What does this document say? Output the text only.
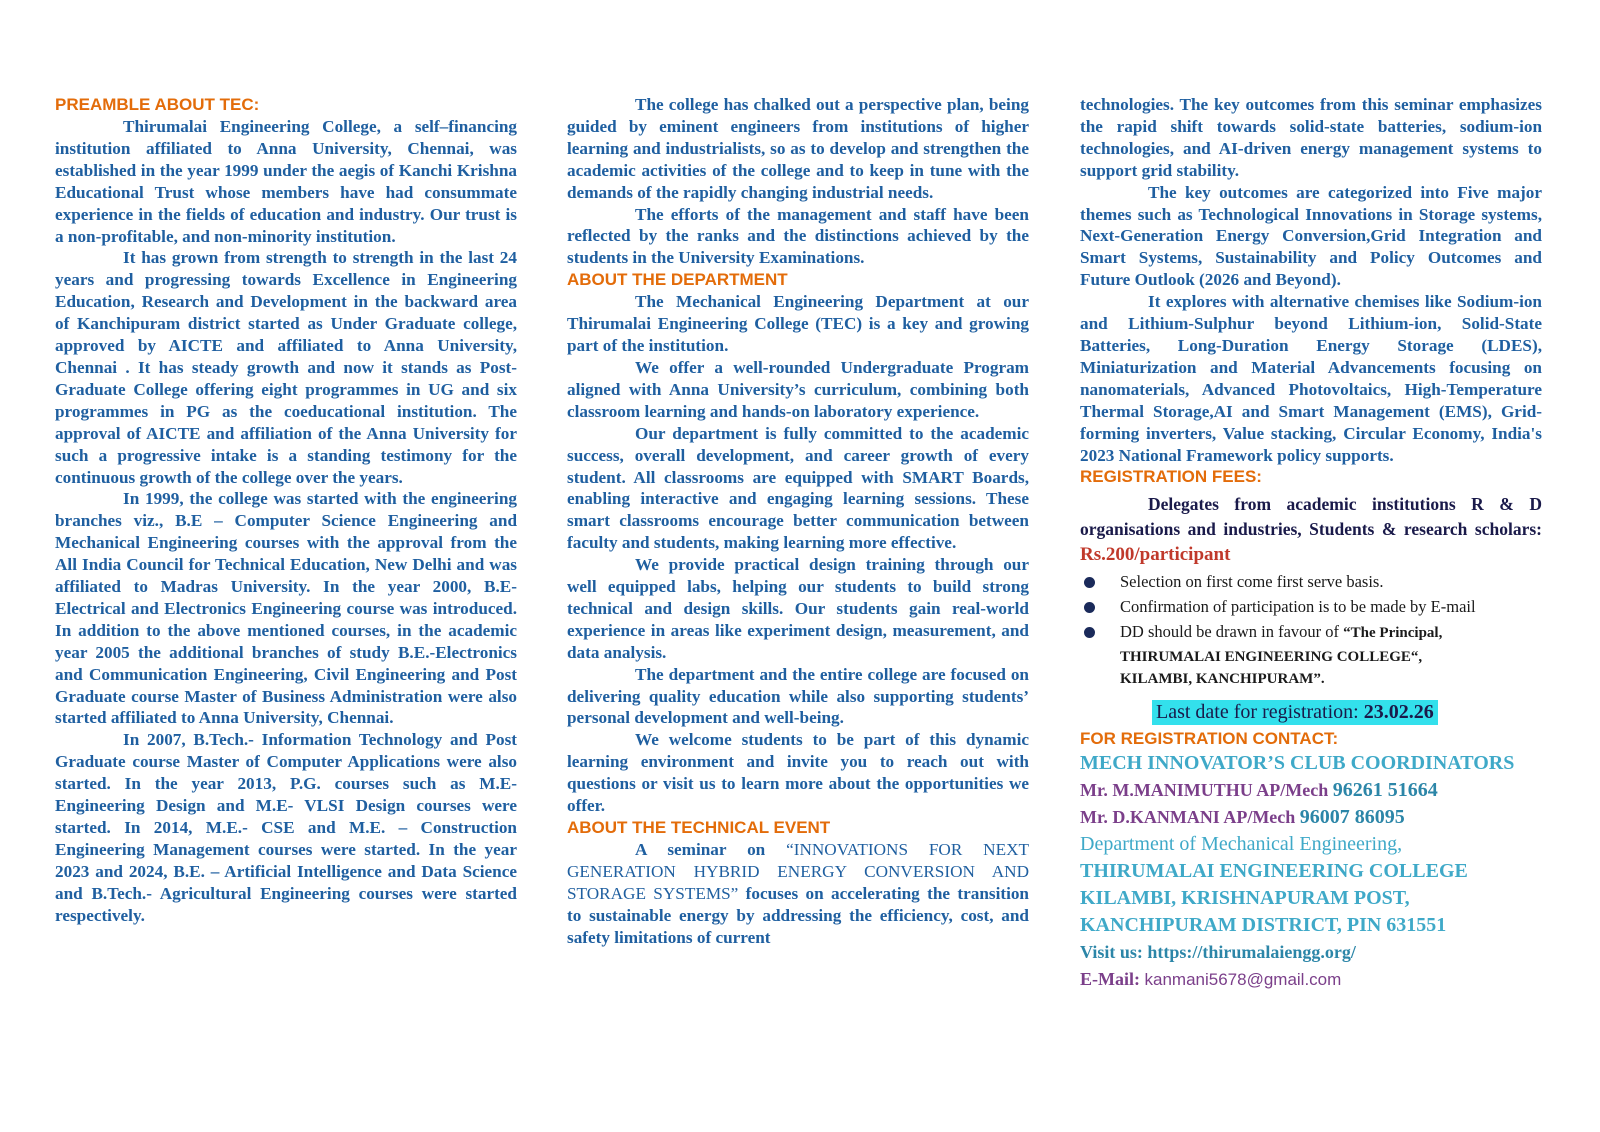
PREAMBLE ABOUT TEC:

Thirumalai Engineering College, a self–financing institution affiliated to Anna University, Chennai, was established in the year 1999 under the aegis of Kanchi Krishna Educational Trust whose members have had consummate experience in the fields of education and industry. Our trust is a non-profitable, and non-minority institution.

It has grown from strength to strength in the last 24 years and progressing towards Excellence in Engineering Education, Research and Development in the backward area of Kanchipuram district started as Under Graduate college, approved by AICTE and affiliated to Anna University, Chennai . It has steady growth and now it stands as Post-Graduate College offering eight programmes in UG and six programmes in PG as the coeducational institution. The approval of AICTE and affiliation of the Anna University for such a progressive intake is a standing testimony for the continuous growth of the college over the years.

In 1999, the college was started with the engineering branches viz., B.E – Computer Science Engineering and Mechanical Engineering courses with the approval from the All India Council for Technical Education, New Delhi and was affiliated to Madras University. In the year 2000, B.E- Electrical and Electronics Engineering course was introduced. In addition to the above mentioned courses, in the academic year 2005 the additional branches of study B.E.-Electronics and Communication Engineering, Civil Engineering and Post Graduate course Master of Business Administration were also started affiliated to Anna University, Chennai.

In 2007, B.Tech.- Information Technology and Post Graduate course Master of Computer Applications were also started. In the year 2013, P.G. courses such as M.E-Engineering Design and M.E- VLSI Design courses were started. In 2014, M.E.- CSE and M.E. – Construction Engineering Management courses were started. In the year 2023 and 2024, B.E. – Artificial Intelligence and Data Science and B.Tech.- Agricultural Engineering courses were started respectively.

The college has chalked out a perspective plan, being guided by eminent engineers from institutions of higher learning and industrialists, so as to develop and strengthen the academic activities of the college and to keep in tune with the demands of the rapidly changing industrial needs.

The efforts of the management and staff have been reflected by the ranks and the distinctions achieved by the students in the University Examinations.

ABOUT THE DEPARTMENT

The Mechanical Engineering Department at our Thirumalai Engineering College (TEC) is a key and growing part of the institution.

We offer a well-rounded Undergraduate Program aligned with Anna University’s curriculum, combining both classroom learning and hands-on laboratory experience.

Our department is fully committed to the academic success, overall development, and career growth of every student. All classrooms are equipped with SMART Boards, enabling interactive and engaging learning sessions. These smart classrooms encourage better communication between faculty and students, making learning more effective.

We provide practical design training through our well equipped labs, helping our students to build strong technical and design skills. Our students gain real-world experience in areas like experiment design, measurement, and data analysis.

The department and the entire college are focused on delivering quality education while also supporting students’ personal development and well-being.

We welcome students to be part of this dynamic learning environment and invite you to reach out with questions or visit us to learn more about the opportunities we offer.

ABOUT THE TECHNICAL EVENT

A seminar on “INNOVATIONS FOR NEXT GENERATION HYBRID ENERGY CONVERSION AND STORAGE SYSTEMS” focuses on accelerating the transition to sustainable energy by addressing the efficiency, cost, and safety limitations of current

technologies. The key outcomes from this seminar emphasizes the rapid shift towards solid-state batteries, sodium-ion technologies, and AI-driven energy management systems to support grid stability.

The key outcomes are categorized into Five major themes such as Technological Innovations in Storage systems, Next-Generation Energy Conversion,Grid Integration and Smart Systems, Sustainability and Policy Outcomes and Future Outlook (2026 and Beyond).

It explores with alternative chemises like Sodium-ion and Lithium-Sulphur beyond Lithium-ion, Solid-State Batteries, Long-Duration Energy Storage (LDES), Miniaturization and Material Advancements focusing on nanomaterials, Advanced Photovoltaics, High-Temperature Thermal Storage,AI and Smart Management (EMS), Grid-forming inverters, Value stacking, Circular Economy, India's 2023 National Framework policy supports.

REGISTRATION FEES:

Delegates from academic institutions R & D organisations and industries, Students & research scholars: Rs.200/participant

Selection on first come first serve basis.
Confirmation of participation is to be made by E-mail
DD should be drawn in favour of “The Principal,
THIRUMALAI ENGINEERING COLLEGE“,
KILAMBI, KANCHIPURAM”.
Last date for registration: 23.02.26
FOR REGISTRATION CONTACT:
MECH INNOVATOR’S CLUB COORDINATORS
Mr. M.MANIMUTHU AP/Mech 96261 51664
Mr. D.KANMANI AP/Mech 96007 86095
Department of Mechanical Engineering,
THIRUMALAI ENGINEERING COLLEGE
KILAMBI, KRISHNAPURAM POST,
KANCHIPURAM DISTRICT, PIN 631551
Visit us: https://thirumalaiengg.org/
E-Mail: kanmani5678@gmail.com
